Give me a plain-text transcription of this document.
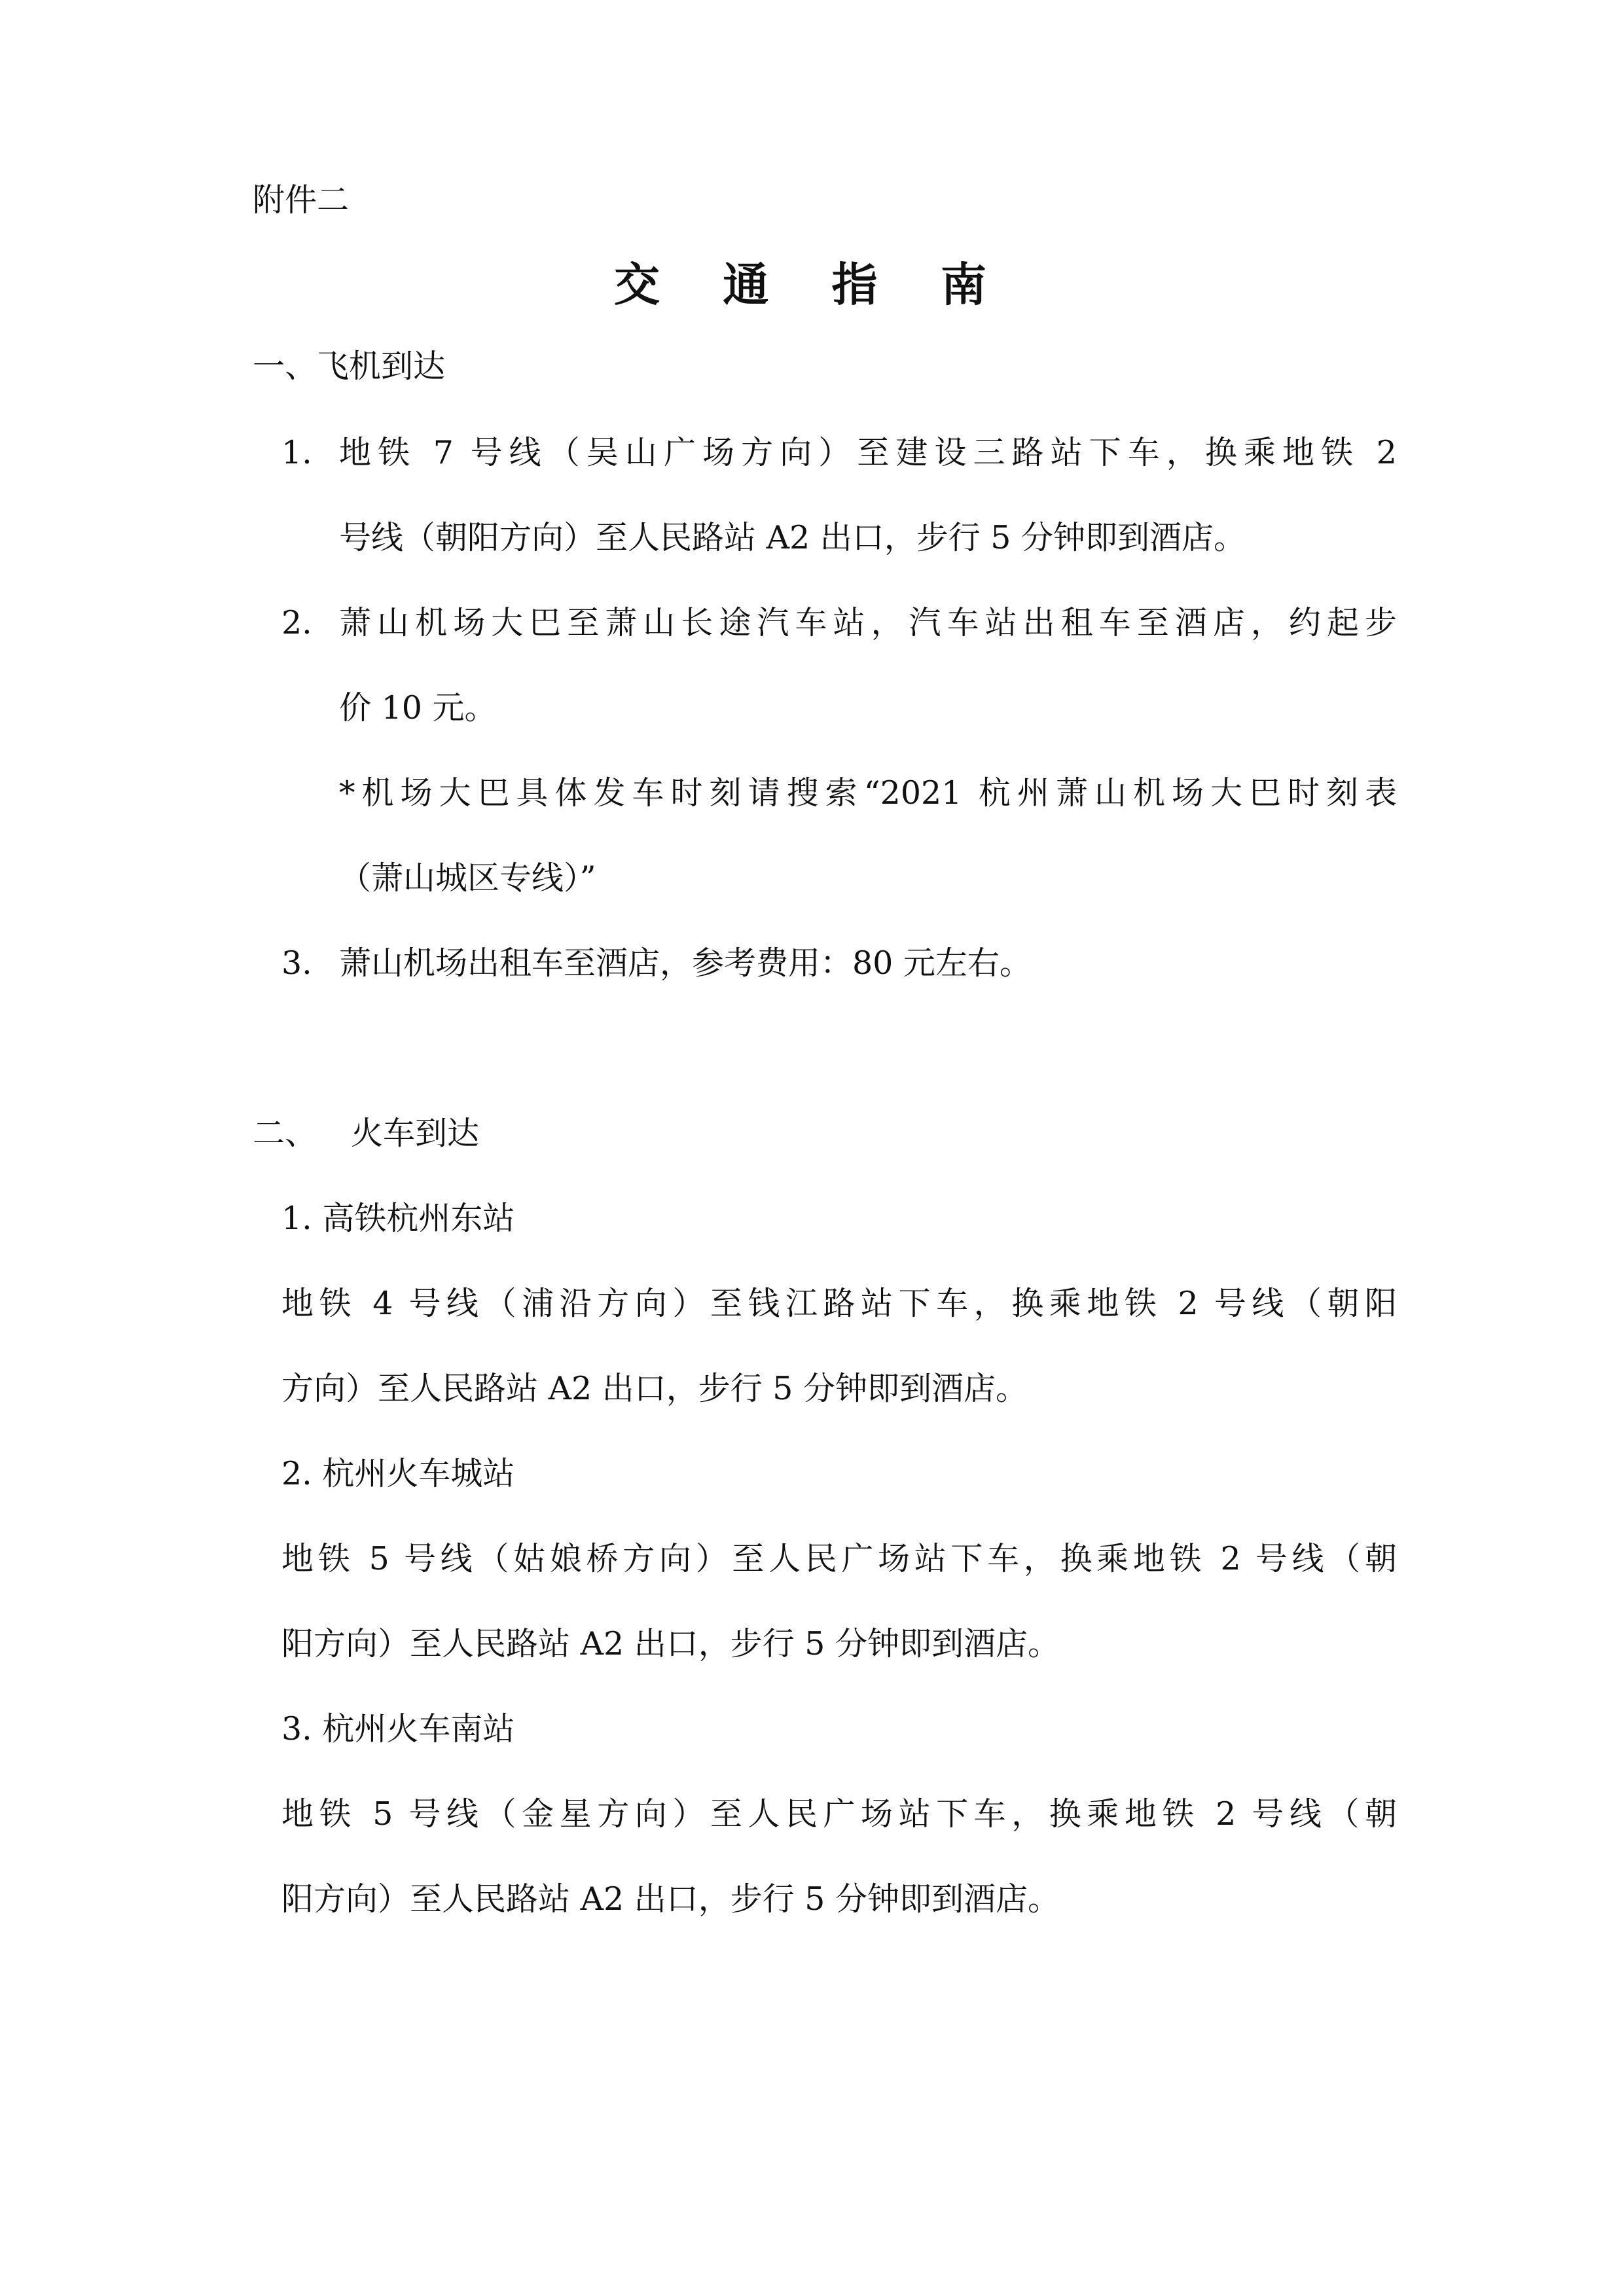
附件二
交 通 指 南
一、飞机到达
1. 地铁 7 号线（吴山广场方向）至建设三路站下车，换乘地铁 2
号线（朝阳方向）至人民路站 A2 出口，步行 5 分钟即到酒店。
2. 萧山机场大巴至萧山长途汽车站，汽车站出租车至酒店，约起步
价 10 元。
*机场大巴具体发车时刻请搜索“2021 杭州萧山机场大巴时刻表
（萧山城区专线）”
3. 萧山机场出租车至酒店，参考费用：80 元左右。
二、 火车到达
1. 高铁杭州东站
地铁 4 号线（浦沿方向）至钱江路站下车，换乘地铁 2 号线（朝阳
方向）至人民路站 A2 出口，步行 5 分钟即到酒店。
2. 杭州火车城站
地铁 5 号线（姑娘桥方向）至人民广场站下车，换乘地铁 2 号线（朝
阳方向）至人民路站 A2 出口，步行 5 分钟即到酒店。
3. 杭州火车南站
地铁 5 号线（金星方向）至人民广场站下车，换乘地铁 2 号线（朝
阳方向）至人民路站 A2 出口，步行 5 分钟即到酒店。
